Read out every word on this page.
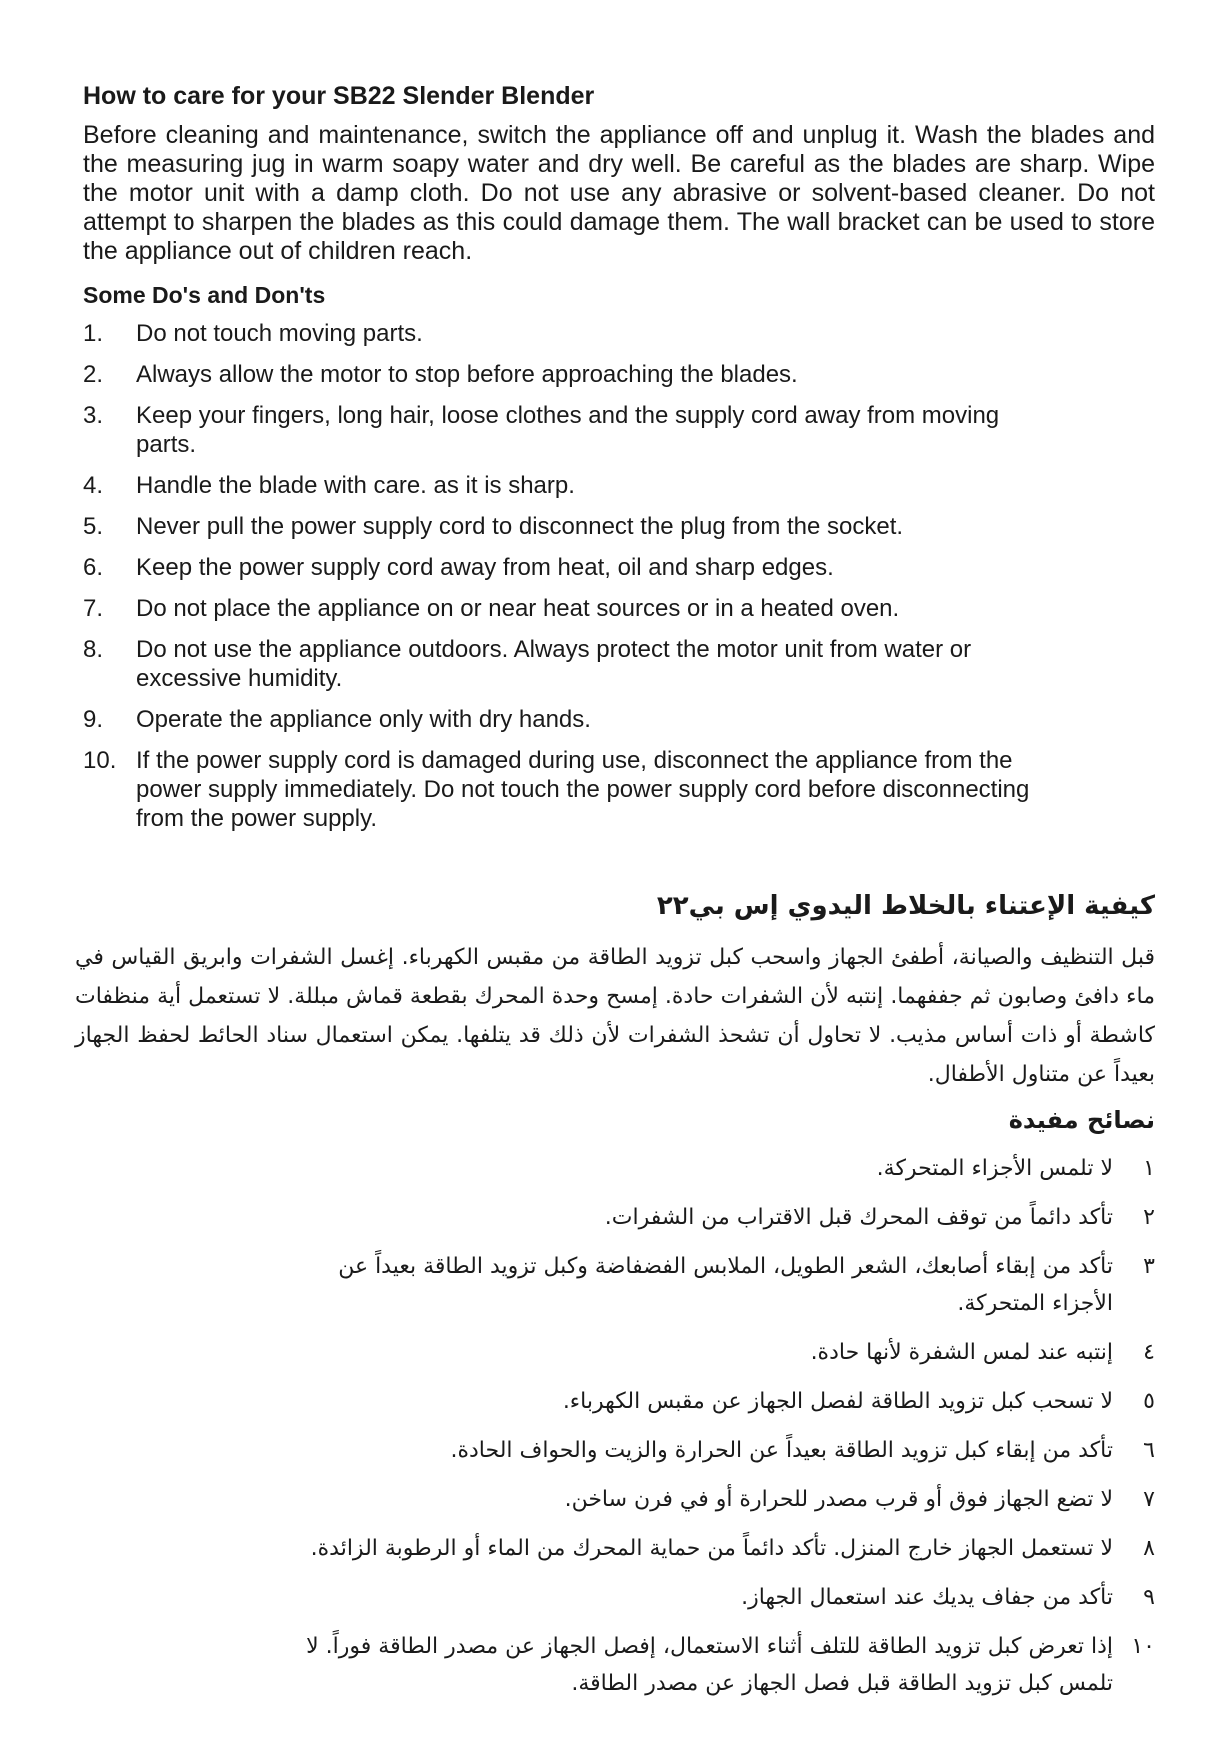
How to care for your SB22 Slender Blender

Before cleaning and maintenance, switch the appliance off and unplug it. Wash the blades and the measuring jug in warm soapy water and dry well. Be careful as the blades are sharp. Wipe the motor unit with a damp cloth. Do not use any abrasive or solvent-based cleaner. Do not attempt to sharpen the blades as this could damage them. The wall bracket can be used to store the appliance out of children reach.

Some Do's and Don'ts
1.	Do not touch moving parts.
2.	Always allow the motor to stop before approaching the blades.
3.	Keep your fingers, long hair, loose clothes and the supply cord away from moving parts.
4.	Handle the blade with care. as it is sharp.
5.	Never pull the power supply cord to disconnect the plug from the socket.
6.	Keep the power supply cord away from heat, oil and sharp edges.
7.	Do not place the appliance on or near heat sources or in a heated oven.
8.	Do not use the appliance outdoors. Always protect the motor unit from water or excessive humidity.
9.	Operate the appliance only with dry hands.
10. If the power supply cord is damaged during use, disconnect the appliance from the power supply immediately. Do not touch the power supply cord before disconnecting from the power supply.
كيفية الإعتناء بالخلاط اليدوي إس بي٢٢

قبل التنظيف والصيانة، أطفئ الجهاز واسحب كبل تزويد الطاقة من مقبس الكهرباء. إغسل الشفرات وابريق القياس في ماء دافئ وصابون ثم جففهما. إنتبه لأن الشفرات حادة. إمسح وحدة المحرك بقطعة قماش مبللة. لا تستعمل أية منظفات كاشطة أو ذات أساس مذيب. لا تحاول أن تشحذ الشفرات لأن ذلك قد يتلفها. يمكن استعمال سناد الحائط لحفظ الجهاز بعيداً عن متناول الأطفال.

نصائح مفيدة
١
لا تلمس الأجزاء المتحركة.
٢
تأكد دائماً من توقف المحرك قبل الاقتراب من الشفرات.
٣
تأكد من إبقاء أصابعك، الشعر الطويل، الملابس الفضفاضة وكبل تزويد الطاقة بعيداً عن الأجزاء المتحركة.
٤
إنتبه عند لمس الشفرة لأنها حادة.
٥
لا تسحب كبل تزويد الطاقة لفصل الجهاز عن مقبس الكهرباء.
٦
تأكد من إبقاء كبل تزويد الطاقة بعيداً عن الحرارة والزيت والحواف الحادة.
٧
لا تضع الجهاز فوق أو قرب مصدر للحرارة أو في فرن ساخن.
٨
لا تستعمل الجهاز خارج المنزل. تأكد دائماً من حماية المحرك من الماء أو الرطوبة الزائدة.
٩
تأكد من جفاف يديك عند استعمال الجهاز.
١٠
إذا تعرض كبل تزويد الطاقة للتلف أثناء الاستعمال، إفصل الجهاز عن مصدر الطاقة فوراً. لا تلمس كبل تزويد الطاقة قبل فصل الجهاز عن مصدر الطاقة.
